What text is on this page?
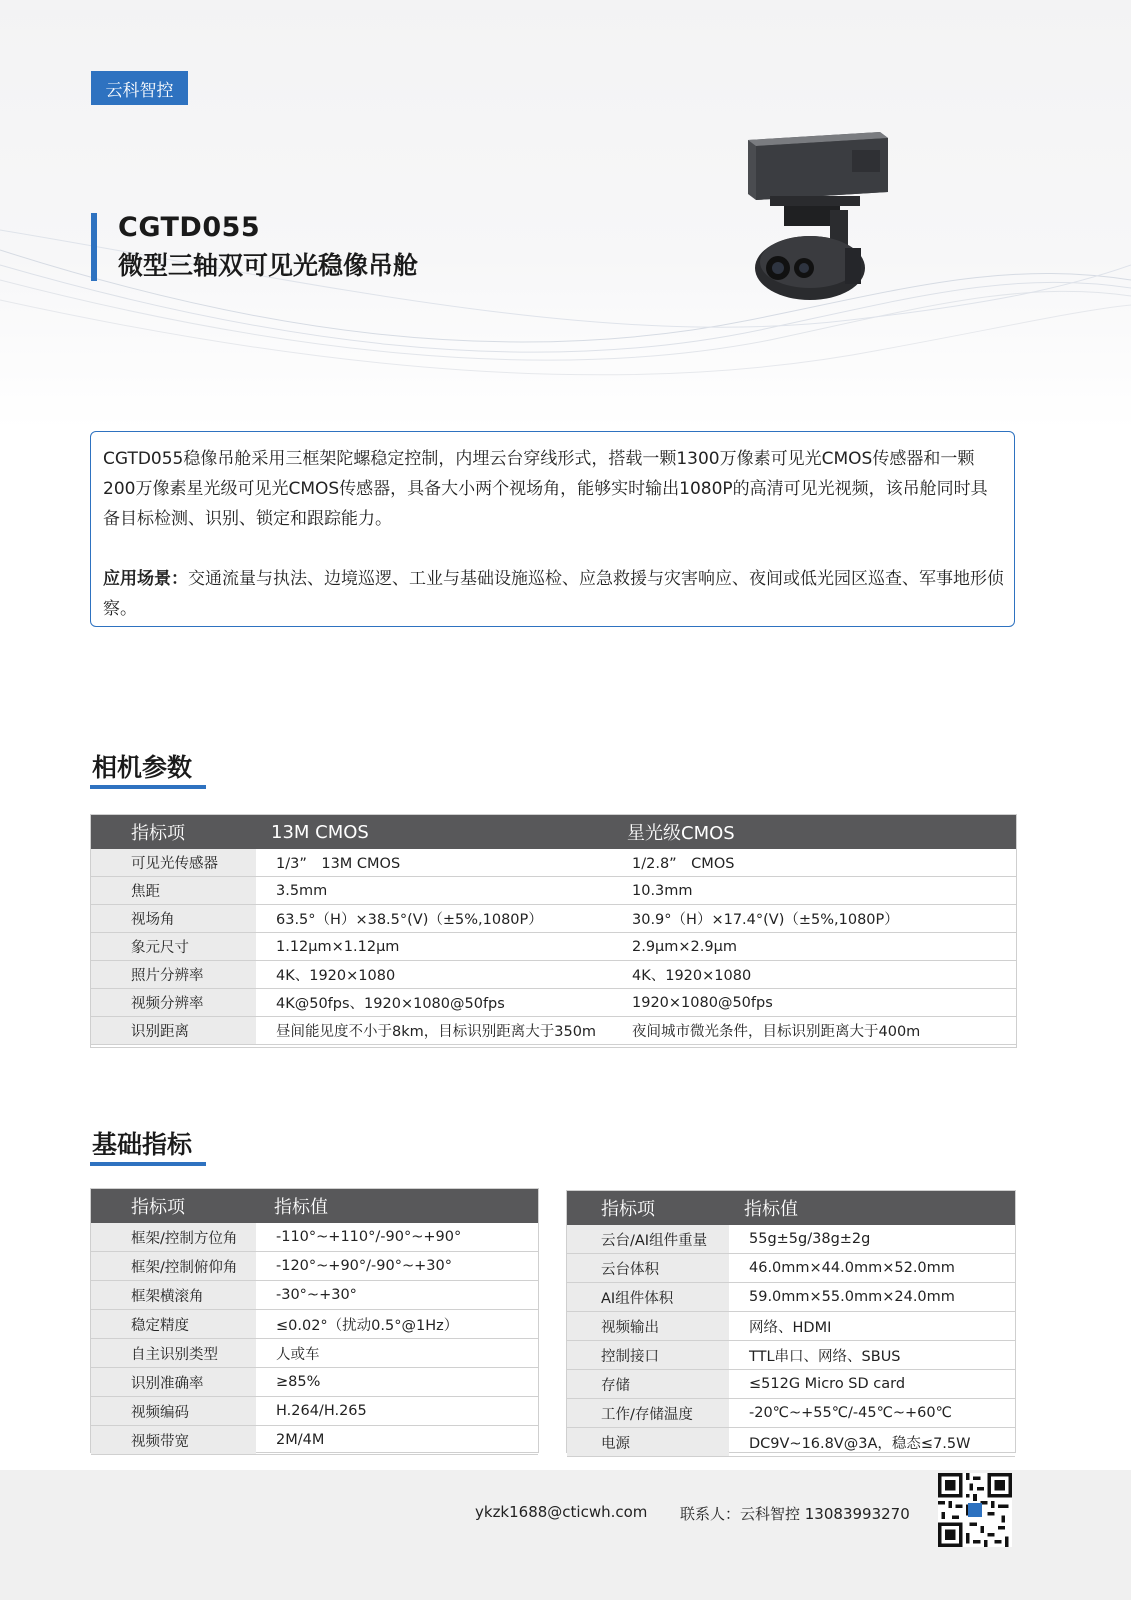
云科智控
CGTD055
微型三轴双可见光稳像吊舱

CGTD055稳像吊舱采用三框架陀螺稳定控制，内埋云台穿线形式，搭载一颗1300万像素可见光CMOS传感器和一颗200万像素星光级可见光CMOS传感器，具备大小两个视场角，能够实时输出1080P的高清可见光视频，该吊舱同时具备目标检测、识别、锁定和跟踪能力。

应用场景：交通流量与执法、边境巡逻、工业与基础设施巡检、应急救援与灾害响应、夜间或低光园区巡查、军事地形侦察。

相机参数
指标项	13M CMOS	星光级CMOS
可见光传感器	1/3”　13M CMOS	1/2.8”　CMOS
焦距	3.5mm	10.3mm
视场角	63.5°（H）×38.5°(V)（±5%,1080P）	30.9°（H）×17.4°(V)（±5%,1080P）
象元尺寸	1.12μm×1.12μm	2.9μm×2.9μm
照片分辨率	4K、1920×1080	4K、1920×1080
视频分辨率	4K@50fps、1920×1080@50fps	1920×1080@50fps
识别距离	昼间能见度不小于8km，目标识别距离大于350m	夜间城市微光条件，目标识别距离大于400m
基础指标
指标项	指标值
框架/控制方位角	-110°~+110°/-90°~+90°
框架/控制俯仰角	-120°~+90°/-90°~+30°
框架横滚角	-30°~+30°
稳定精度	≤0.02°（扰动0.5°@1Hz）
自主识别类型	人或车
识别准确率	≥85%
视频编码	H.264/H.265
视频带宽	2M/4M
指标项	指标值
云台/AI组件重量	55g±5g/38g±2g
云台体积	46.0mm×44.0mm×52.0mm
AI组件体积	59.0mm×55.0mm×24.0mm
视频输出	网络、HDMI
控制接口	TTL串口、网络、SBUS
存储	≤512G Micro SD card
工作/存储温度	-20℃~+55℃/-45℃~+60℃
电源	DC9V~16.8V@3A，稳态≤7.5W
ykzk1688@cticwh.com 联系人：云科智控 13083993270
